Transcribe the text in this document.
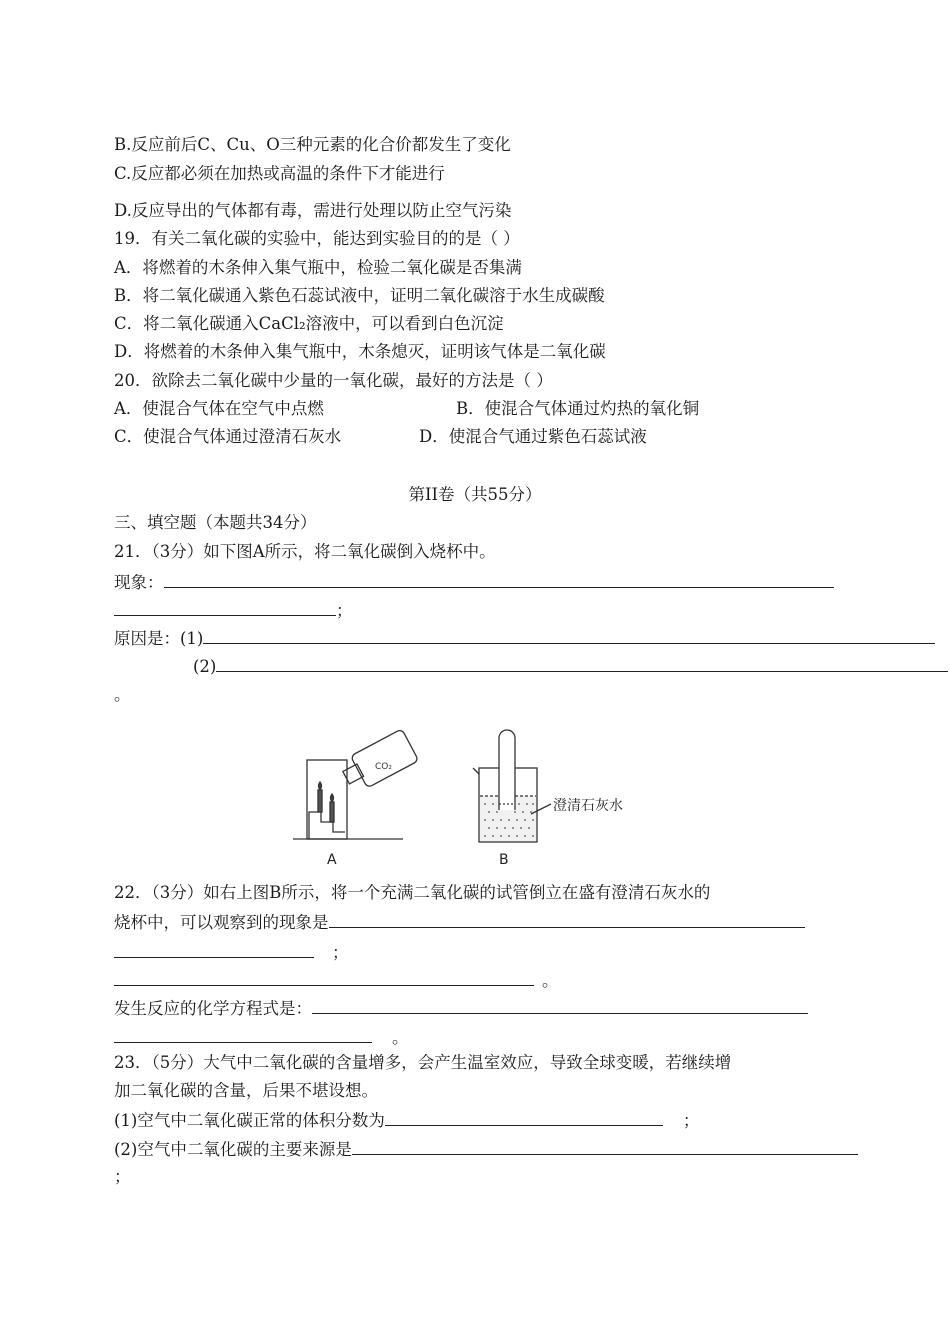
B.反应前后C、Cu、O三种元素的化合价都发生了变化
C.反应都必须在加热或高温的条件下才能进行
D.反应导出的气体都有毒，需进行处理以防止空气污染
19．有关二氧化碳的实验中，能达到实验目的的是（ ）
A．将燃着的木条伸入集气瓶中，检验二氧化碳是否集满
B．将二氧化碳通入紫色石蕊试液中，证明二氧化碳溶于水生成碳酸
C．将二氧化碳通入CaCl₂溶液中，可以看到白色沉淀
D．将燃着的木条伸入集气瓶中，木条熄灭，证明该气体是二氧化碳
20．欲除去二氧化碳中少量的一氧化碳，最好的方法是（ ）
A．使混合气体在空气中点燃	B．使混合气体通过灼热的氧化铜
C．使混合气体通过澄清石灰水	D．使混合气通过紫色石蕊试液
第II卷（共55分）
三、填空题（本题共34分）
21．（3分）如下图A所示，将二氧化碳倒入烧杯中。
现象：
；
原因是：(1)
(2)
。
CO₂
A
澄清石灰水
B
22．（3分）如右上图B所示，将一个充满二氧化碳的试管倒立在盛有澄清石灰水的
烧杯中，可以观察到的现象是
；
。
发生反应的化学方程式是：
。
23．（5分）大气中二氧化碳的含量增多，会产生温室效应，导致全球变暖，若继续增
加二氧化碳的含量，后果不堪设想。
(1)空气中二氧化碳正常的体积分数为	；
(2)空气中二氧化碳的主要来源是
；
